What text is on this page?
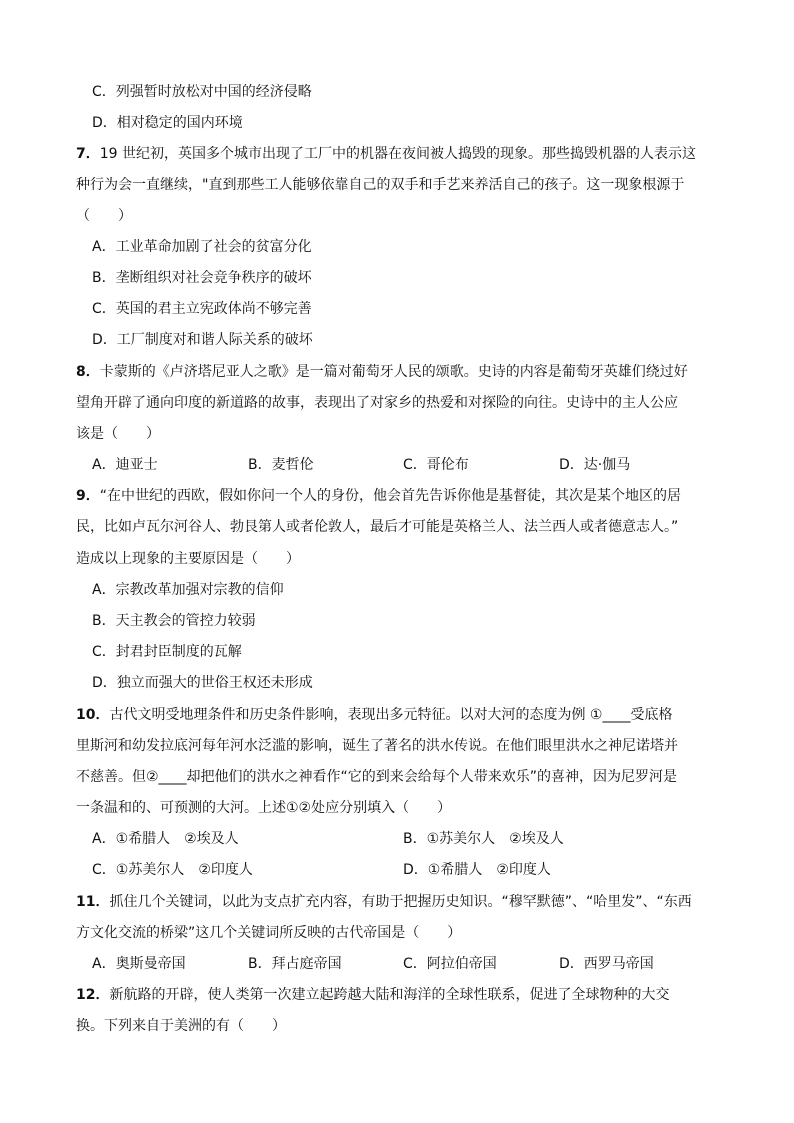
C．列强暂时放松对中国的经济侵略
D．相对稳定的国内环境
7．19 世纪初，英国多个城市出现了工厂中的机器在夜间被人捣毁的现象。那些捣毁机器的人表示这
种行为会一直继续，"直到那些工人能够依靠自己的双手和手艺来养活自己的孩子。这一现象根源于
（　　）
A．工业革命加剧了社会的贫富分化
B．垄断组织对社会竞争秩序的破坏
C．英国的君主立宪政体尚不够完善
D．工厂制度对和谐人际关系的破坏
8．卡蒙斯的《卢济塔尼亚人之歌》是一篇对葡萄牙人民的颂歌。史诗的内容是葡萄牙英雄们绕过好
望角开辟了通向印度的新道路的故事，表现出了对家乡的热爱和对探险的向往。史诗中的主人公应
该是（　　）
A．迪亚士	B．麦哲伦	C．哥伦布	D．达·伽马
9．“在中世纪的西欧，假如你问一个人的身份，他会首先告诉你他是基督徒，其次是某个地区的居
民，比如卢瓦尔河谷人、勃艮第人或者伦敦人，最后才可能是英格兰人、法兰西人或者德意志人。”
造成以上现象的主要原因是（　　）
A．宗教改革加强对宗教的信仰
B．天主教会的管控力较弱
C．封君封臣制度的瓦解
D．独立而强大的世俗王权还未形成
10．古代文明受地理条件和历史条件影响，表现出多元特征。以对大河的态度为例 ①____受底格
里斯河和幼发拉底河每年河水泛滥的影响，诞生了著名的洪水传说。在他们眼里洪水之神尼诺塔并
不慈善。但②____却把他们的洪水之神看作“它的到来会给每个人带来欢乐”的喜神，因为尼罗河是
一条温和的、可预测的大河。上述①②处应分别填入（　　）
A．①希腊人　②埃及人	B．①苏美尔人　②埃及人
C．①苏美尔人　②印度人	D．①希腊人　②印度人
11．抓住几个关键词，以此为支点扩充内容，有助于把握历史知识。“穆罕默德”、“哈里发”、“东西
方文化交流的桥梁”这几个关键词所反映的古代帝国是（　　）
A．奥斯曼帝国	B．拜占庭帝国	C．阿拉伯帝国	D．西罗马帝国
12．新航路的开辟，使人类第一次建立起跨越大陆和海洋的全球性联系，促进了全球物种的大交
换。下列来自于美洲的有（　　）
